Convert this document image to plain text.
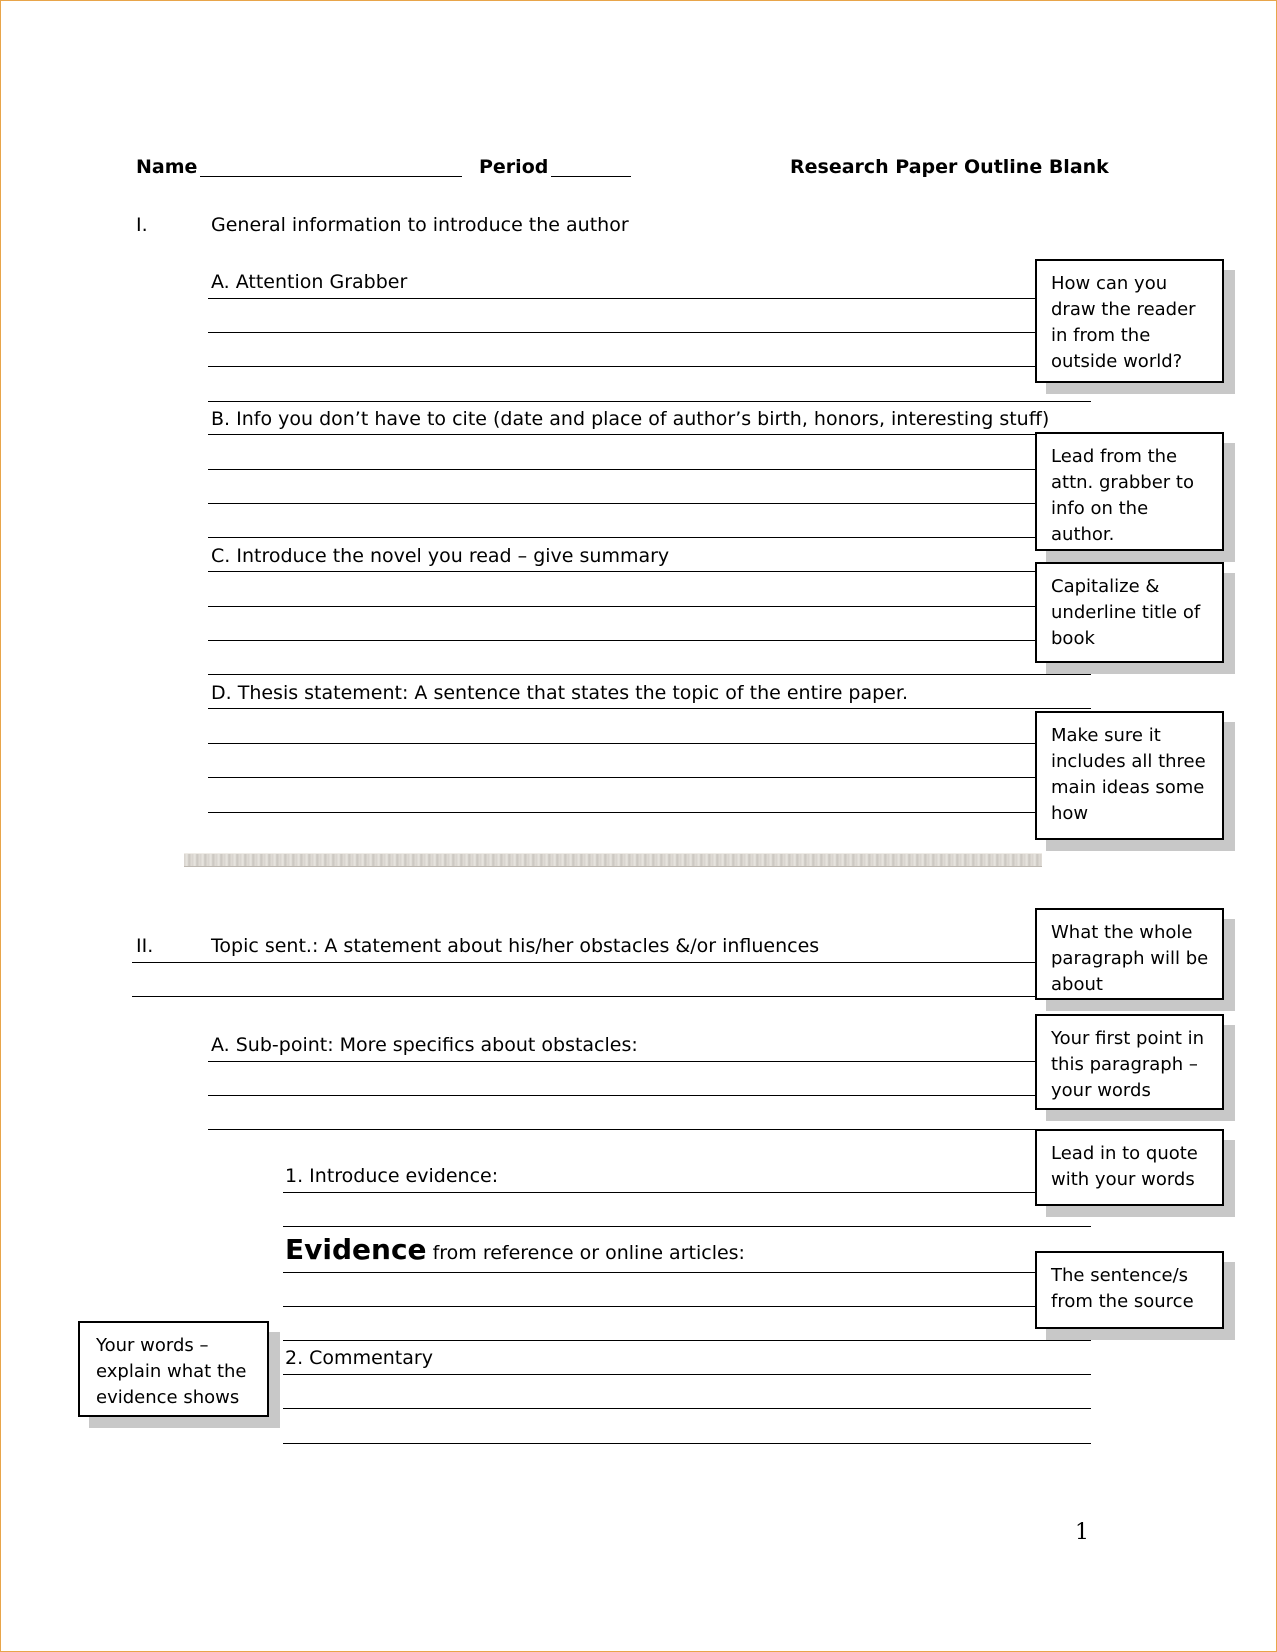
Name	Period	Research Paper Outline Blank
I.	General information to introduce the author
A. Attention Grabber
B. Info you don’t have to cite (date and place of author’s birth, honors, interesting stuff)
C. Introduce the novel you read – give summary
D. Thesis statement: A sentence that states the topic of the entire paper.
II.	Topic sent.: A statement about his/her obstacles &/or influences
A. Sub-point: More specifics about obstacles:
1. Introduce evidence:
Evidence from reference or online articles:
2. Commentary
How can you draw the reader in from the outside world?
Lead from the attn. grabber to info on the author.
Capitalize & underline title of book
Make sure it includes all three main ideas some how
What the whole paragraph will be about
Your first point in this paragraph – your words
Lead in to quote with your words
The sentence/s from the source
Your words – explain what the evidence shows
1
